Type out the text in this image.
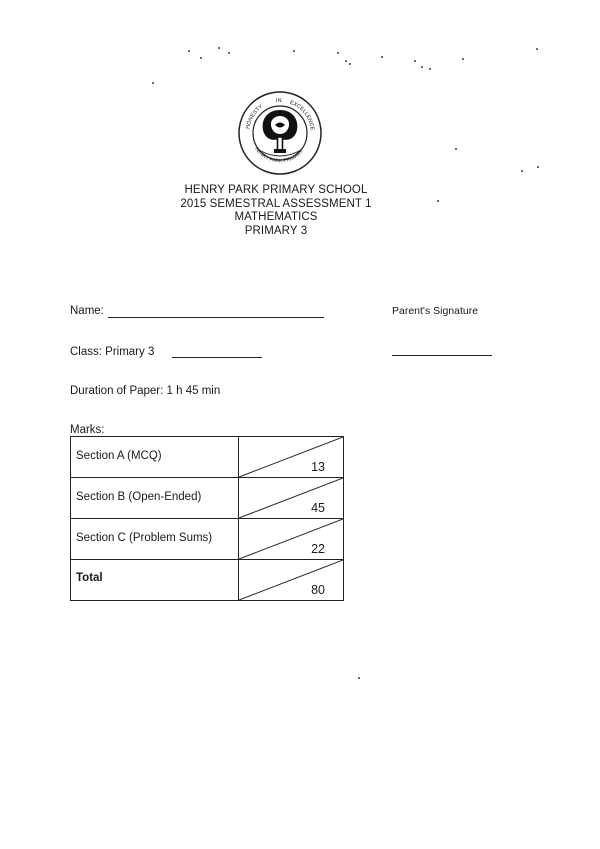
HONESTY
IN EXCELLENCE
HENRY PARK PRIMARY
HENRY PARK PRIMARY SCHOOL
2015 SEMESTRAL ASSESSMENT 1
MATHEMATICS
PRIMARY 3
Name:	Parent's Signature
Class: Primary 3
Duration of Paper: 1 h 45 min
Marks:
Section A (MCQ)	13

Section B (Open-Ended)	45

Section C (Problem Sums)	22

Total	80
